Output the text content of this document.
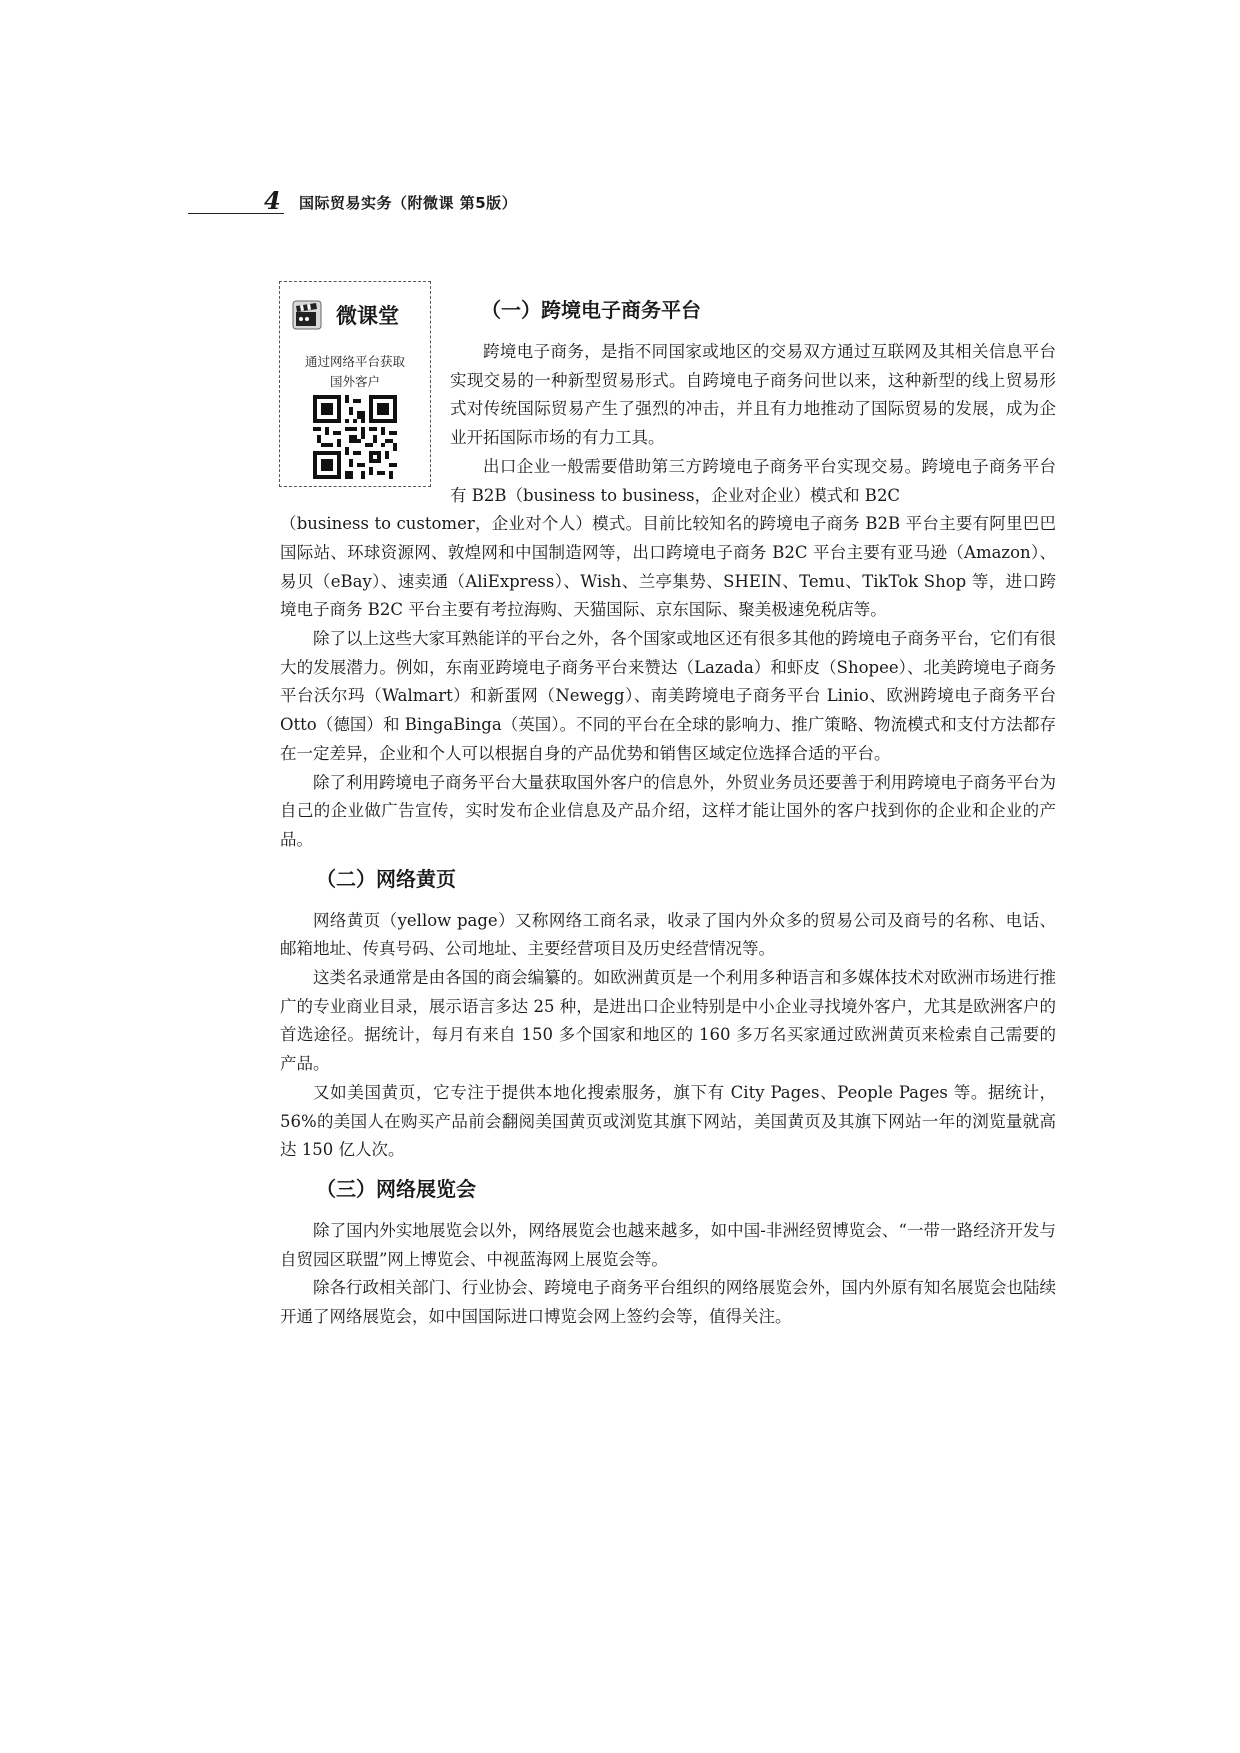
4 国际贸易实务（附微课 第5版）
微课堂
通过网络平台获取
国外客户
（一）跨境电子商务平台

跨境电子商务，是指不同国家或地区的交易双方通过互联网及其相关信息平台实现交易的一种新型贸易形式。自跨境电子商务问世以来，这种新型的线上贸易形式对传统国际贸易产生了强烈的冲击，并且有力地推动了国际贸易的发展，成为企业开拓国际市场的有力工具。

出口企业一般需要借助第三方跨境电子商务平台实现交易。跨境电子商务平台有 B2B（business to business，企业对企业）模式和 B2C

（business to customer，企业对个人）模式。目前比较知名的跨境电子商务 B2B 平台主要有阿里巴巴国际站、环球资源网、敦煌网和中国制造网等，出口跨境电子商务 B2C 平台主要有亚马逊（Amazon）、易贝（eBay）、速卖通（AliExpress）、Wish、兰亭集势、SHEIN、Temu、TikTok Shop 等，进口跨境电子商务 B2C 平台主要有考拉海购、天猫国际、京东国际、聚美极速免税店等。

除了以上这些大家耳熟能详的平台之外，各个国家或地区还有很多其他的跨境电子商务平台，它们有很大的发展潜力。例如，东南亚跨境电子商务平台来赞达（Lazada）和虾皮（Shopee）、北美跨境电子商务平台沃尔玛（Walmart）和新蛋网（Newegg）、南美跨境电子商务平台 Linio、欧洲跨境电子商务平台 Otto（德国）和 BingaBinga（英国）。不同的平台在全球的影响力、推广策略、物流模式和支付方法都存在一定差异，企业和个人可以根据自身的产品优势和销售区域定位选择合适的平台。

除了利用跨境电子商务平台大量获取国外客户的信息外，外贸业务员还要善于利用跨境电子商务平台为自己的企业做广告宣传，实时发布企业信息及产品介绍，这样才能让国外的客户找到你的企业和企业的产品。

（二）网络黄页

网络黄页（yellow page）又称网络工商名录，收录了国内外众多的贸易公司及商号的名称、电话、邮箱地址、传真号码、公司地址、主要经营项目及历史经营情况等。

这类名录通常是由各国的商会编纂的。如欧洲黄页是一个利用多种语言和多媒体技术对欧洲市场进行推广的专业商业目录，展示语言多达 25 种，是进出口企业特别是中小企业寻找境外客户，尤其是欧洲客户的首选途径。据统计，每月有来自 150 多个国家和地区的 160 多万名买家通过欧洲黄页来检索自己需要的产品。

又如美国黄页，它专注于提供本地化搜索服务，旗下有 City Pages、People Pages 等。据统计，56%的美国人在购买产品前会翻阅美国黄页或浏览其旗下网站，美国黄页及其旗下网站一年的浏览量就高达 150 亿人次。

（三）网络展览会

除了国内外实地展览会以外，网络展览会也越来越多，如中国-非洲经贸博览会、“一带一路经济开发与自贸园区联盟”网上博览会、中视蓝海网上展览会等。

除各行政相关部门、行业协会、跨境电子商务平台组织的网络展览会外，国内外原有知名展览会也陆续开通了网络展览会，如中国国际进口博览会网上签约会等，值得关注。
